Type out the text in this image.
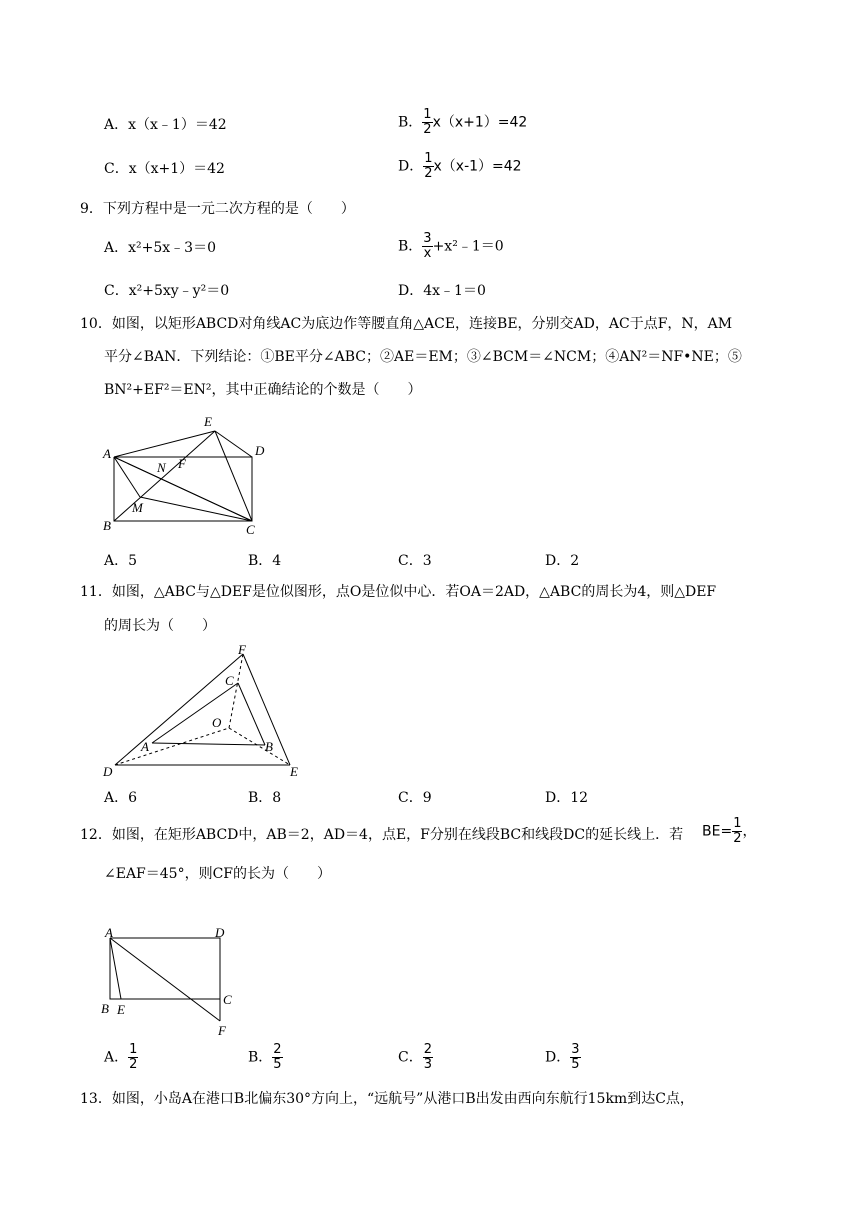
A．x（x﹣1）＝42	B． $\frac{1}{2} x(x+1)=42$
C．x（x+1）＝42	D． $\frac{1}{2} x(x-1)=42$
9．下列方程中是一元二次方程的是（　　）
A．x²+5x﹣3＝0	B． $\frac{3}{x}$ +x²﹣1＝0
C．x²+5xy﹣y²＝0	D．4x﹣1＝0
10．如图，以矩形ABCD对角线AC为底边作等腰直角△ACE，连接BE，分别交AD，AC于点F，N，AM
平分∠BAN．下列结论：①BE平分∠ABC；②AE＝EM；③∠BCM＝∠NCM；④AN²＝NF•NE；⑤
BN²+EF²＝EN²，其中正确结论的个数是（　　）
A
B	C
D
E
F
N
M
A．5	B．4	C．3	D．2
11．如图，△ABC与△DEF是位似图形，点O是位似中心．若OA＝2AD，△ABC的周长为4，则△DEF
的周长为（　　）
F
C
O
A	B
D	E
A．6	B．8	C．9	D．12
12．如图，在矩形ABCD中，AB＝2，AD＝4，点E，F分别在线段BC和线段DC的延长线上．若 $BE= \frac{1}{2}$ ，
∠EAF＝45°，则CF的长为（　　）
A	D
B E
C
F
A． $\frac{1}{2}$	B． $\frac{2}{5}$	C． $\frac{2}{3}$	D． $\frac{3}{5}$
13．如图，小岛A在港口B北偏东30°方向上，“远航号”从港口B出发由西向东航行15km到达C点，
